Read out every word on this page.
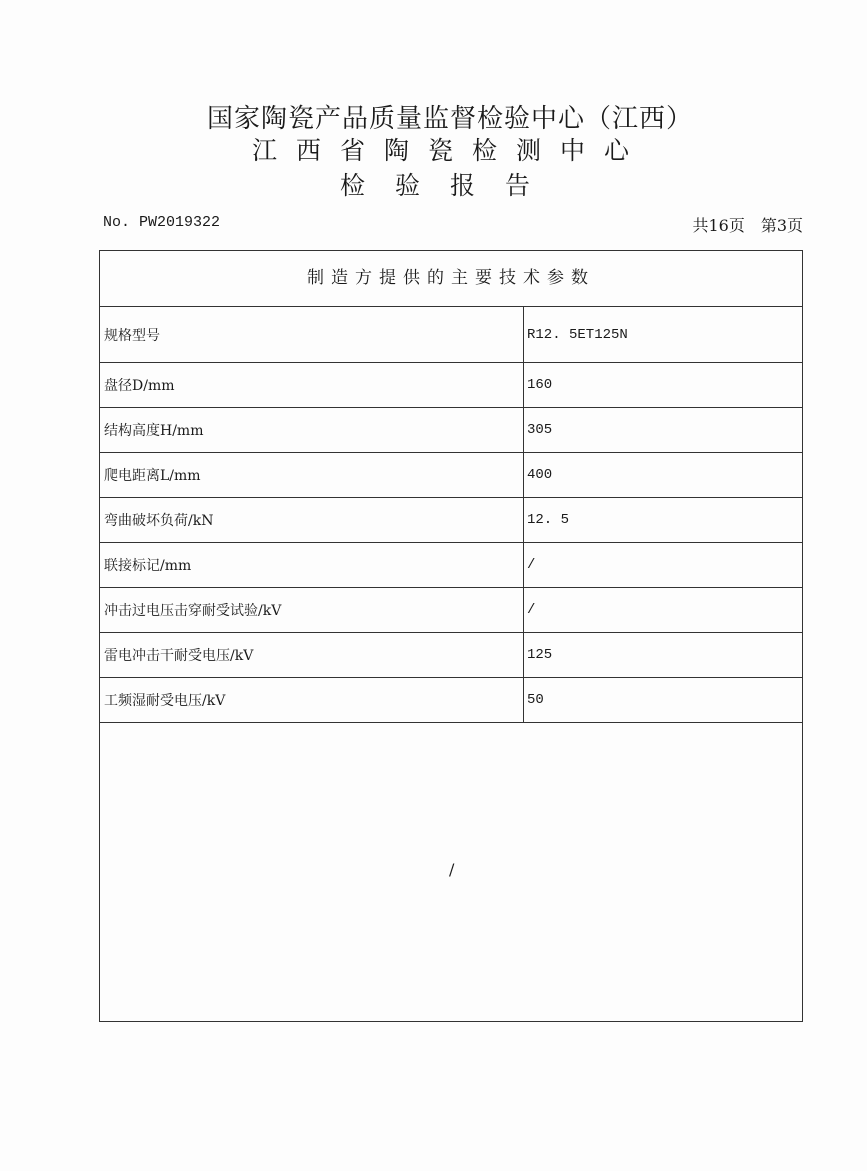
国家陶瓷产品质量监督检验中心（江西）
江西省陶瓷检测中心
检验报告
No. PW2019322	共16页　第3页
制造方提供的主要技术参数
规格型号	R12. 5ET125N
盘径D/mm	160
结构高度H/mm	305
爬电距离L/mm	400
弯曲破坏负荷/kN	12. 5
联接标记/mm	/
冲击过电压击穿耐受试验/kV	/
雷电冲击干耐受电压/kV	125
工频湿耐受电压/kV	50
/
